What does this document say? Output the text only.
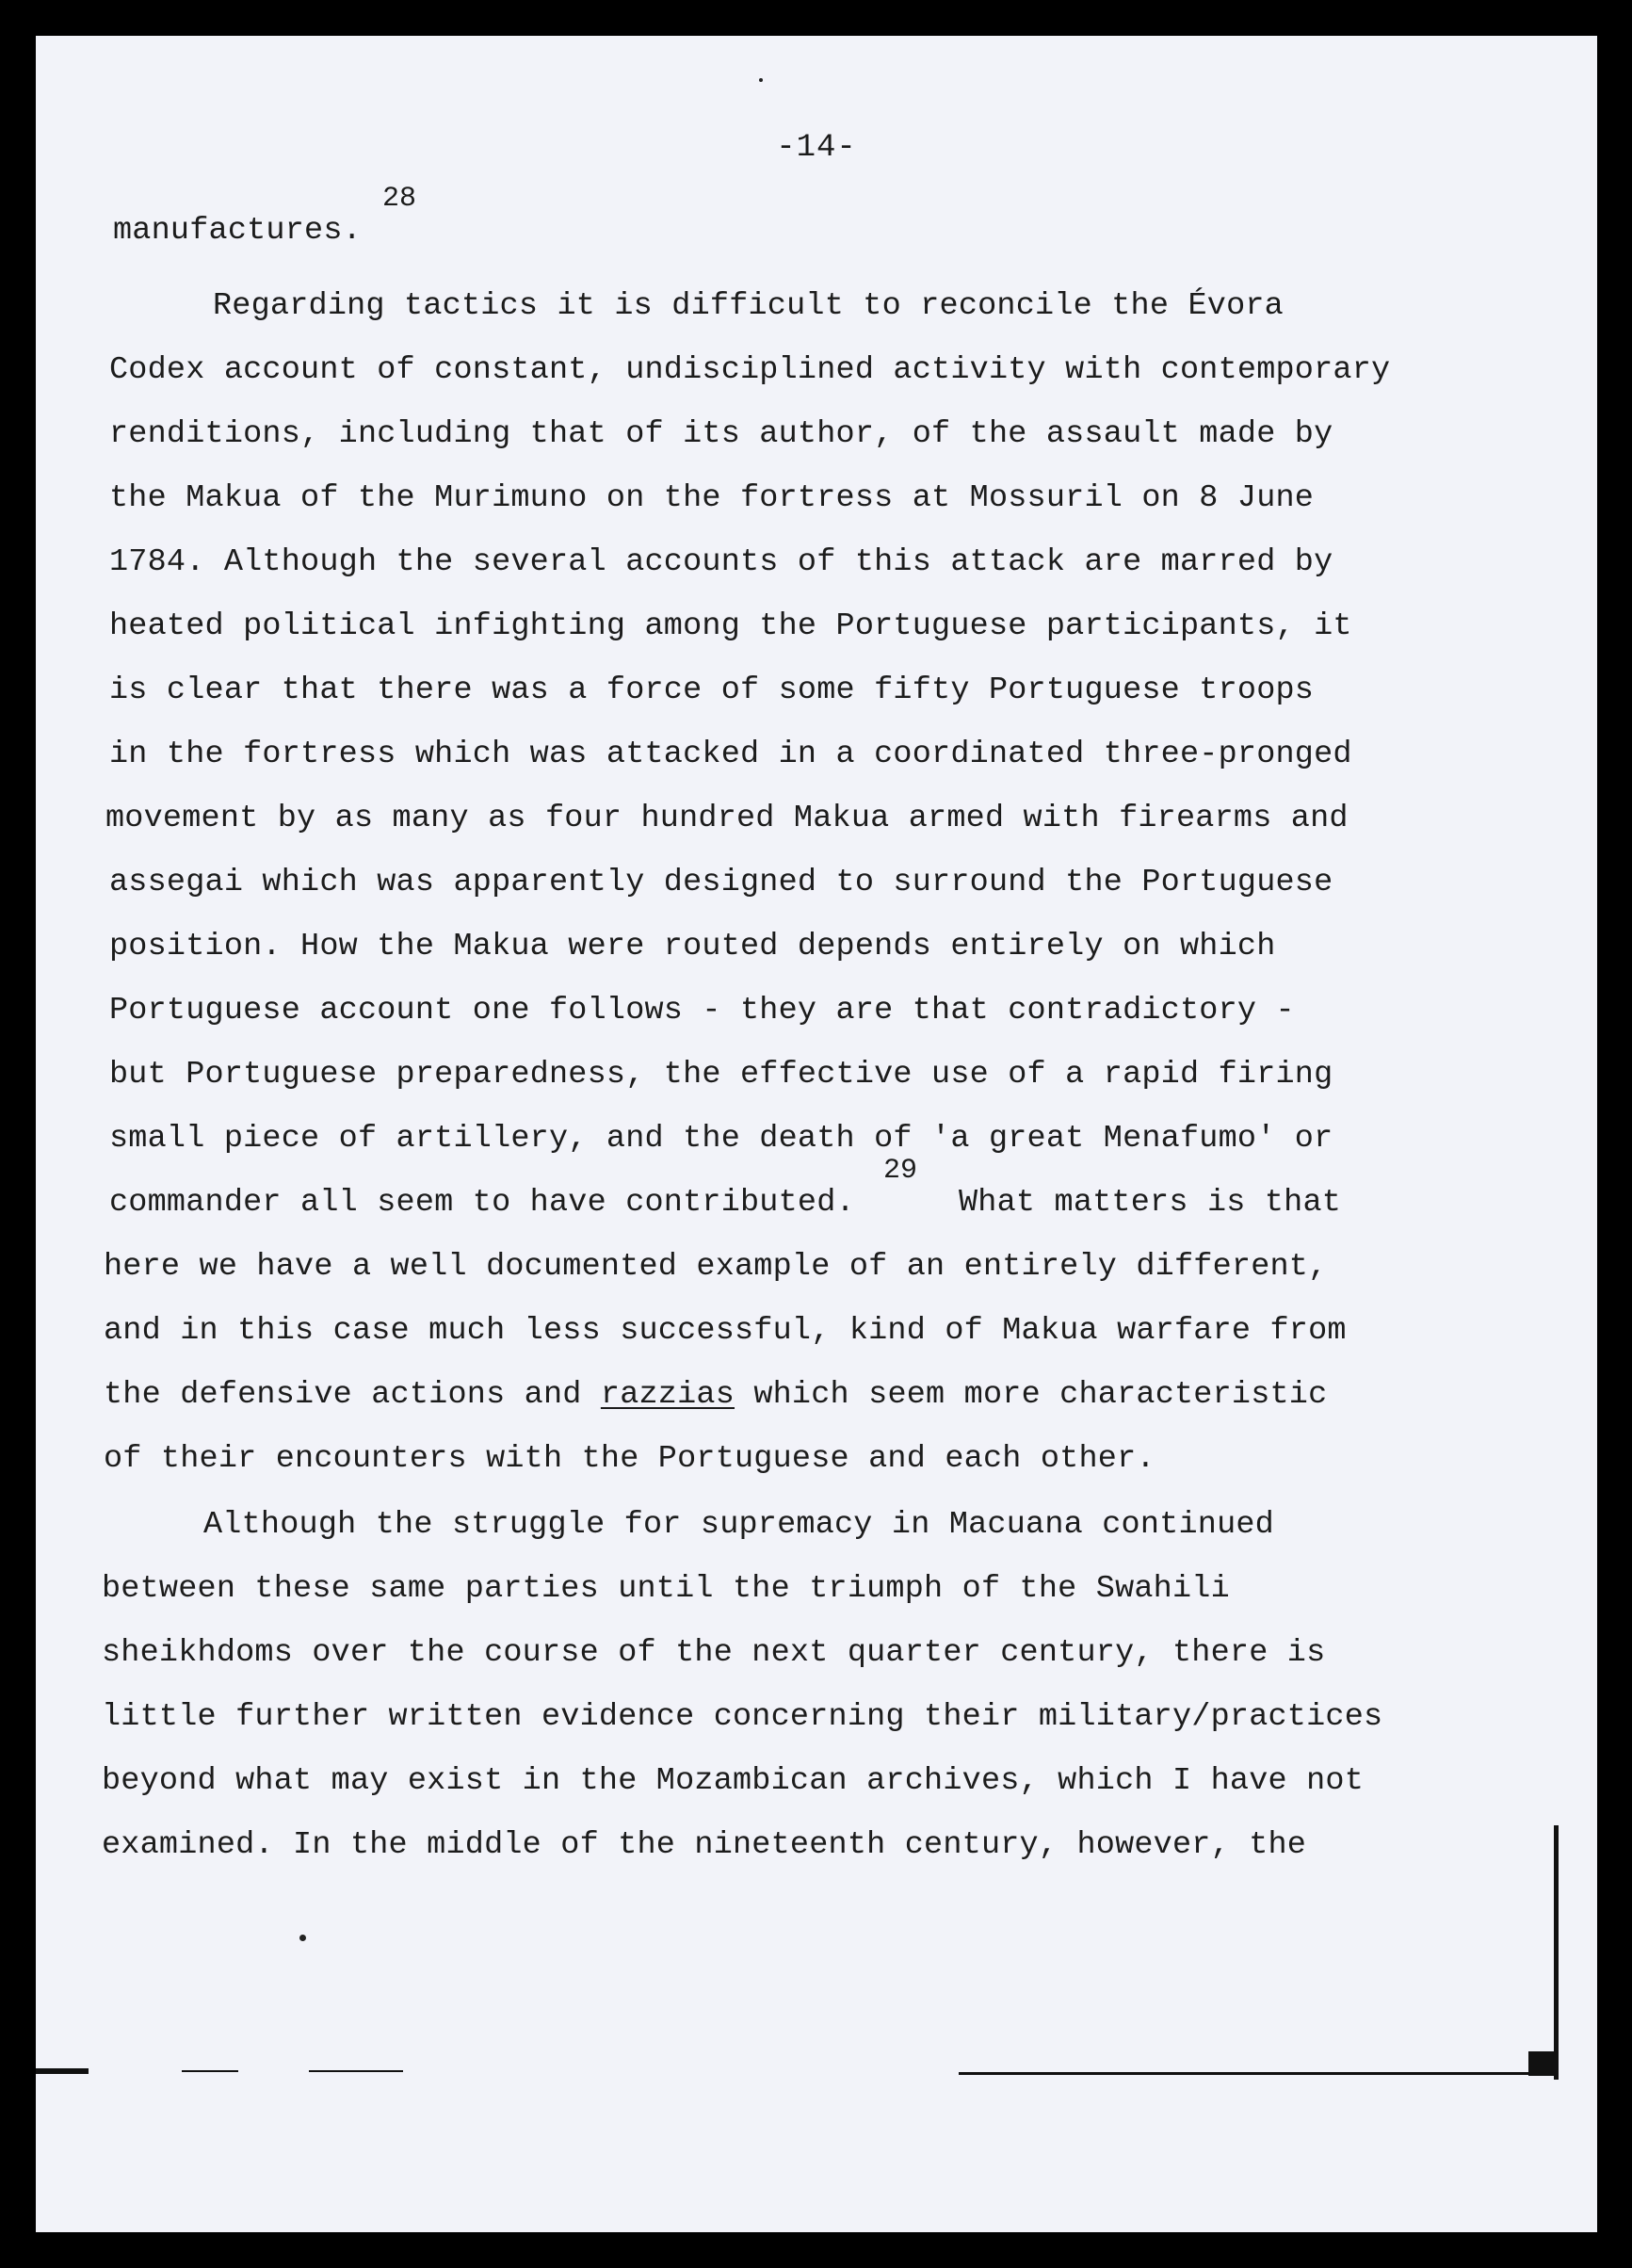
-14-
28

manufactures.

Regarding tactics it is difficult to reconcile the Évora

Codex account of constant, undisciplined activity with contemporary

renditions, including that of its author, of the assault made by

the Makua of the Murimuno on the fortress at Mossuril on 8 June

1784. Although the several accounts of this attack are marred by

heated political infighting among the Portuguese participants, it

is clear that there was a force of some fifty Portuguese troops

in the fortress which was attacked in a coordinated three-pronged

movement by as many as four hundred Makua armed with firearms and

assegai which was apparently designed to surround the Portuguese

position. How the Makua were routed depends entirely on which

Portuguese account one follows - they are that contradictory -

but Portuguese preparedness, the effective use of a rapid firing

small piece of artillery, and the death of 'a great Menafumo' or

29

commander all seem to have contributed.	What matters is that

here we have a well documented example of an entirely different,

and in this case much less successful, kind of Makua warfare from

the defensive actions and razzias which seem more characteristic

of their encounters with the Portuguese and each other.

Although the struggle for supremacy in Macuana continued

between these same parties until the triumph of the Swahili

sheikhdoms over the course of the next quarter century, there is

little further written evidence concerning their military/practices

beyond what may exist in the Mozambican archives, which I have not

examined. In the middle of the nineteenth century, however, the
